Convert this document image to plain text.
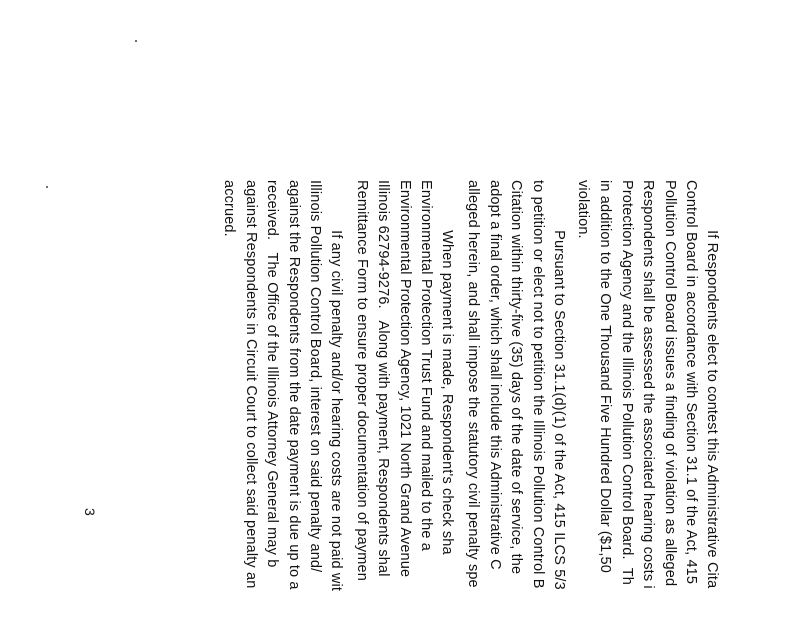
If Respondents elect to contest this Administrative Cita
Control Board in accordance with Section 31.1 of the Act, 415
Pollution Control Board issues a finding of violation as alleged
Respondents shall be assessed the associated hearing costs i
Protection Agency and the Illinois Pollution Control Board.  Th
in addition to the One Thousand Five Hundred Dollar ($1,50
violation.
Pursuant to Section 31.1(d)(1) of the Act, 415 ILCS 5/3
to petition or elect not to petition the Illinois Pollution Control B
Citation within thirty-five (35) days of the date of service, the
adopt a final order, which shall include this Administrative C
alleged herein, and shall impose the statutory civil penalty spe
When payment is made, Respondent's check sha
Environmental Protection Trust Fund and mailed to the a
Environmental Protection Agency, 1021 North Grand Avenue
Illinois 62794-9276.   Along with payment, Respondents shal
Remittance Form to ensure proper documentation of paymen
If any civil penalty and/or hearing costs are not paid wit
Illinois Pollution Control Board, interest on said penalty and/
against the Respondents from the date payment is due up to a
received.   The Office of the Illinois Attorney General may b
against Respondents in Circuit Court to collect said penalty an
accrued.
3
